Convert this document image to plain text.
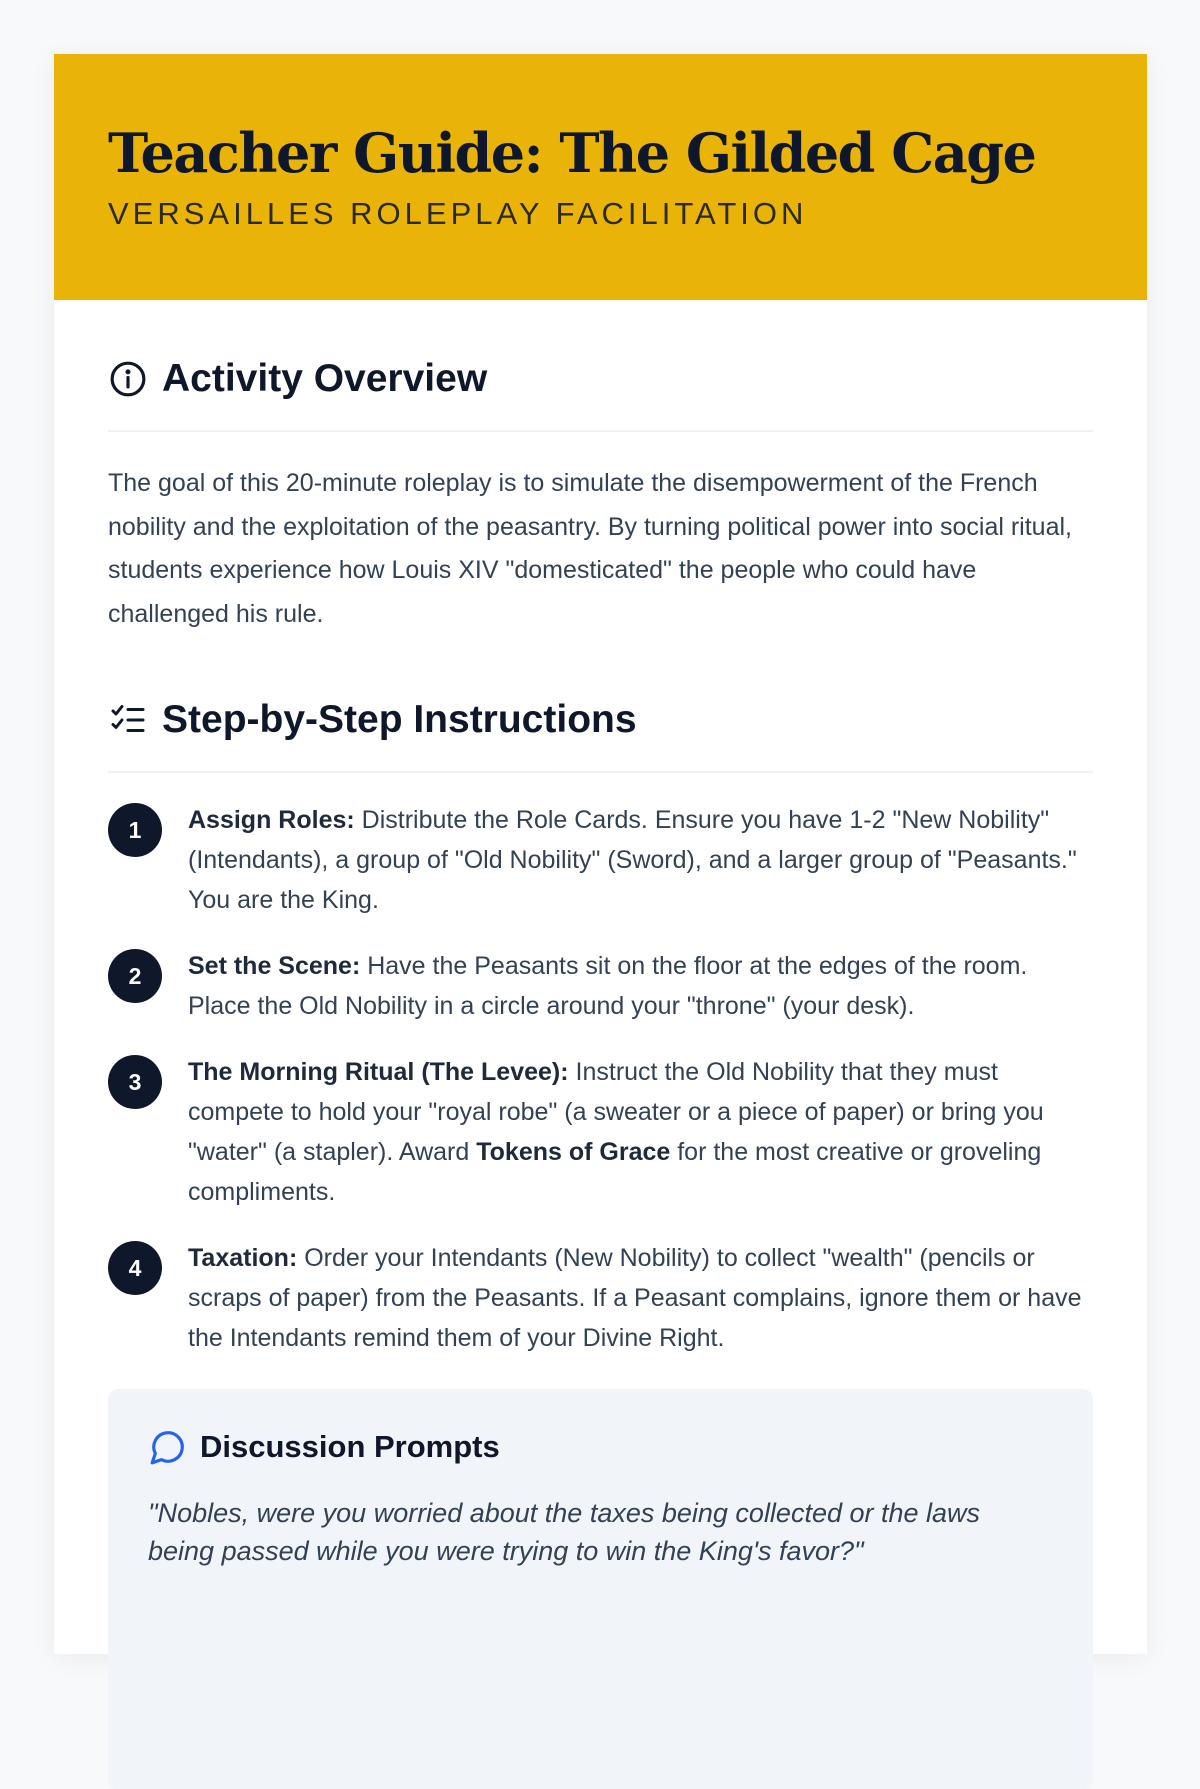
Teacher Guide: The Gilded Cage
VERSAILLES ROLEPLAY FACILITATION
Activity Overview

The goal of this 20-minute roleplay is to simulate the disempowerment of the French nobility and the exploitation of the peasantry. By turning political power into social ritual, students experience how Louis XIV "domesticated" the people who could have challenged his rule.

Step-by-Step Instructions
1	Assign Roles: Distribute the Role Cards. Ensure you have 1-2 "New Nobility" (Intendants), a group of "Old Nobility" (Sword), and a larger group of "Peasants." You are the King.
2	Set the Scene: Have the Peasants sit on the floor at the edges of the room. Place the Old Nobility in a circle around your "throne" (your desk).
3	The Morning Ritual (The Levee): Instruct the Old Nobility that they must compete to hold your "royal robe" (a sweater or a piece of paper) or bring you "water" (a stapler). Award Tokens of Grace for the most creative or groveling compliments.
4	Taxation: Order your Intendants (New Nobility) to collect "wealth" (pencils or scraps of paper) from the Peasants. If a Peasant complains, ignore them or have the Intendants remind them of your Divine Right.
Discussion Prompts

"Nobles, were you worried about the taxes being collected or the laws being passed while you were trying to win the King's favor?"
